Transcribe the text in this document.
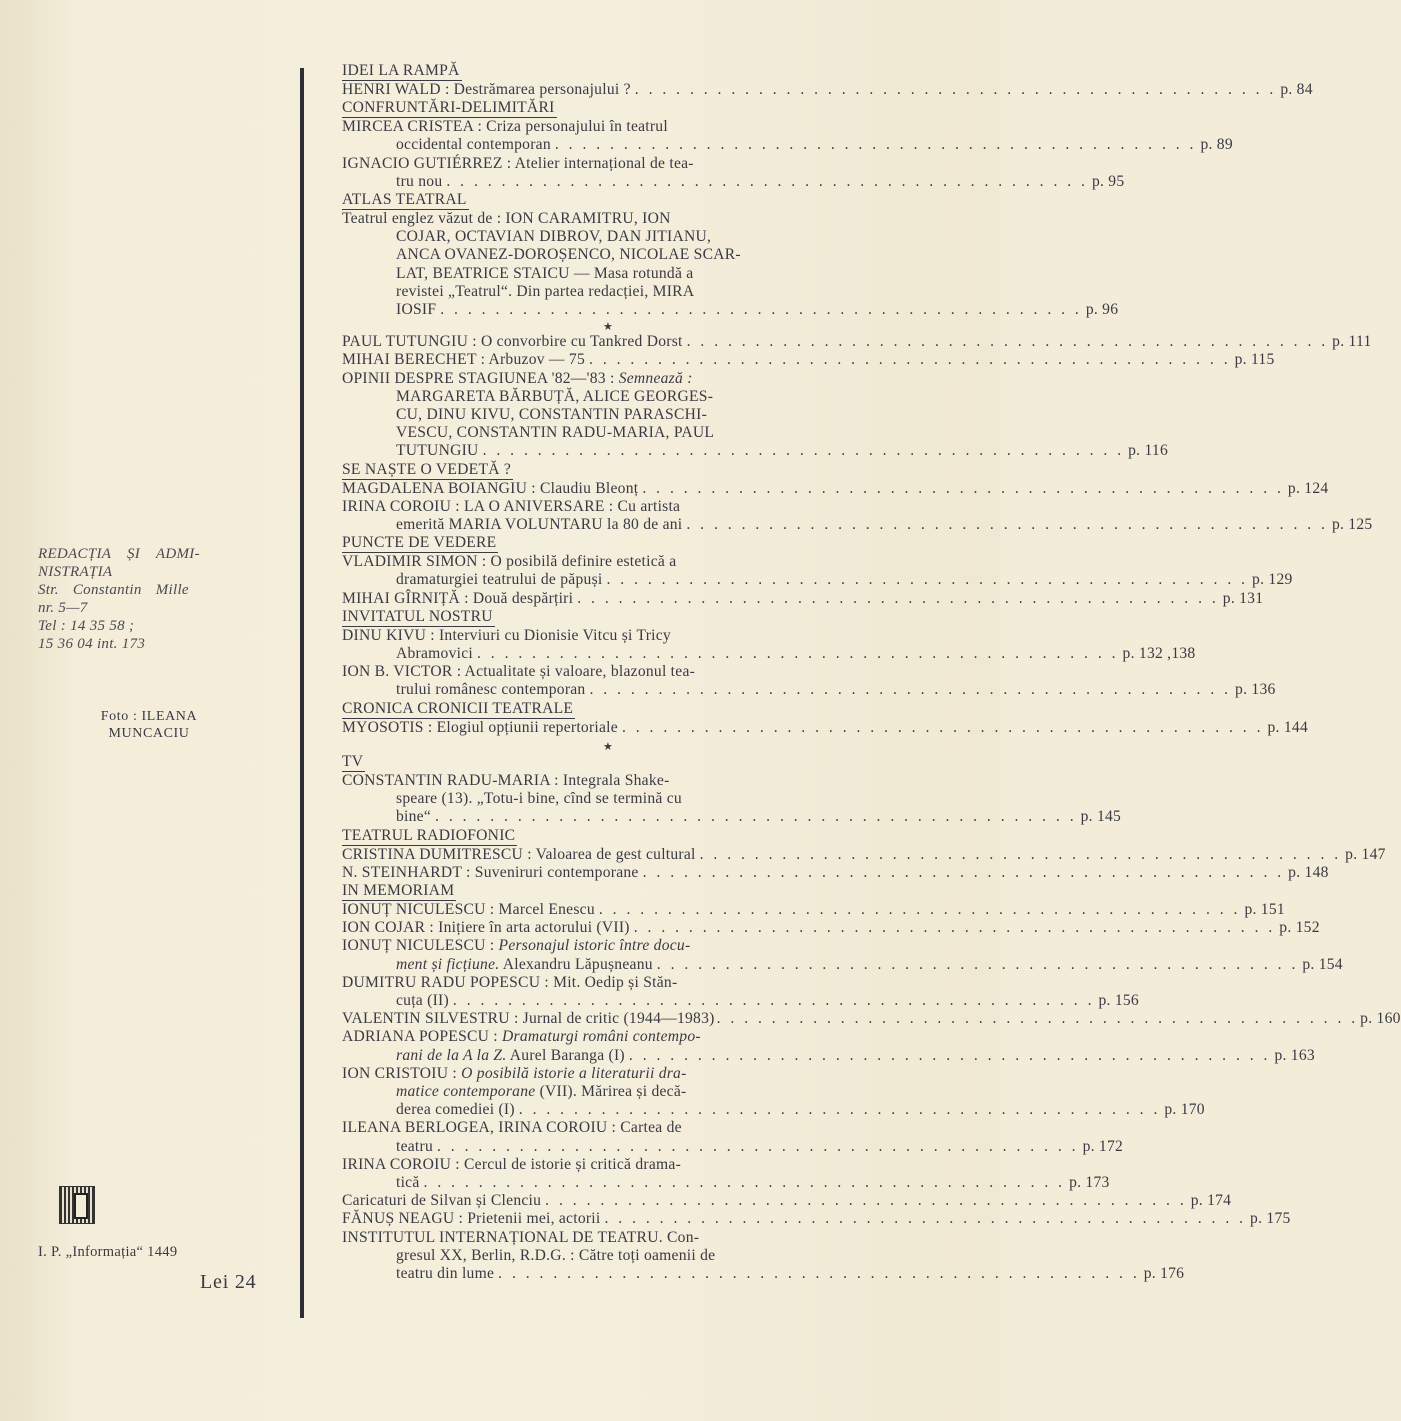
REDACȚIA ȘI ADMI-
NISTRAȚIA
Str. Constantin Mille
nr. 5—7
Tel : 14 35 58 ;
15 36 04 int. 173
Foto : ILEANA
MUNCACIU
I. P. „Informația“ 1449
Lei 24
IDEI LA RAMPĂ
HENRI WALD : Destrămarea personajului ? . . .	p. 84
CONFRUNTĂRI-DELIMITĂRI
MIRCEA CRISTEA : Criza personajului în teatrul
occidental contemporan . . .	p. 89
IGNACIO GUTIÉRREZ : Atelier internațional de tea-
tru nou . . .	p. 95
ATLAS TEATRAL
Teatrul englez văzut de : ION CARAMITRU, ION
COJAR, OCTAVIAN DIBROV, DAN JITIANU,
ANCA OVANEZ-DOROȘENCO, NICOLAE SCAR-
LAT, BEATRICE STAICU — Masa rotundă a
revistei „Teatrul“. Din partea redacției, MIRA
IOSIF . . .	p. 96
★
PAUL TUTUNGIU : O convorbire cu Tankred Dorst . . .	p. 111
MIHAI BERECHET : Arbuzov — 75 . . .	p. 115
OPINII DESPRE STAGIUNEA '82—'83 : Semnează :
MARGARETA BĂRBUȚĂ, ALICE GEORGES-
CU, DINU KIVU, CONSTANTIN PARASCHI-
VESCU, CONSTANTIN RADU-MARIA, PAUL
TUTUNGIU . . .	p. 116
SE NAȘTE O VEDETĂ ?
MAGDALENA BOIANGIU : Claudiu Bleonț . . .	p. 124
IRINA COROIU : LA O ANIVERSARE : Cu artista
emerită MARIA VOLUNTARU la 80 de ani . . .	p. 125
PUNCTE DE VEDERE
VLADIMIR SIMON : O posibilă definire estetică a
dramaturgiei teatrului de păpuși . . .	p. 129
MIHAI GÎRNIȚĂ : Două despărțiri . . .	p. 131
INVITATUL NOSTRU
DINU KIVU : Interviuri cu Dionisie Vitcu și Tricy
Abramovici . . .	p. 132 ,138
ION B. VICTOR : Actualitate și valoare, blazonul tea-
trului românesc contemporan . . .	p. 136
CRONICA CRONICII TEATRALE
MYOSOTIS : Elogiul opțiunii repertoriale . . .	p. 144
★
TV
CONSTANTIN RADU-MARIA : Integrala Shake-
speare (13). „Totu-i bine, cînd se termină cu
bine“ . . .	p. 145
TEATRUL RADIOFONIC
CRISTINA DUMITRESCU : Valoarea de gest cultural . . .	p. 147
N. STEINHARDT : Suveniruri contemporane . . .	p. 148
IN MEMORIAM
IONUȚ NICULESCU : Marcel Enescu . . .	p. 151
ION COJAR : Inițiere în arta actorului (VII) . . .	p. 152
IONUȚ NICULESCU : Personajul istoric între docu-
ment și ficțiune. Alexandru Lăpușneanu . . .	p. 154
DUMITRU RADU POPESCU : Mit. Oedip și Stăn-
cuța (II) . . .	p. 156
VALENTIN SILVESTRU : Jurnal de critic (1944—1983) . . .	p. 160
ADRIANA POPESCU : Dramaturgi români contempo-
rani de la A la Z. Aurel Baranga (I) . . .	p. 163
ION CRISTOIU : O posibilă istorie a literaturii dra-
matice contemporane (VII). Mărirea și decă-
derea comediei (I) . . .	p. 170
ILEANA BERLOGEA, IRINA COROIU : Cartea de
teatru . . .	p. 172
IRINA COROIU : Cercul de istorie și critică drama-
tică . . .	p. 173
Caricaturi de Silvan și Clenciu . . .	p. 174
FĂNUȘ NEAGU : Prietenii mei, actorii . . .	p. 175
INSTITUTUL INTERNAȚIONAL DE TEATRU. Con-
gresul XX, Berlin, R.D.G. : Către toți oamenii de
teatru din lume . . .	p. 176
